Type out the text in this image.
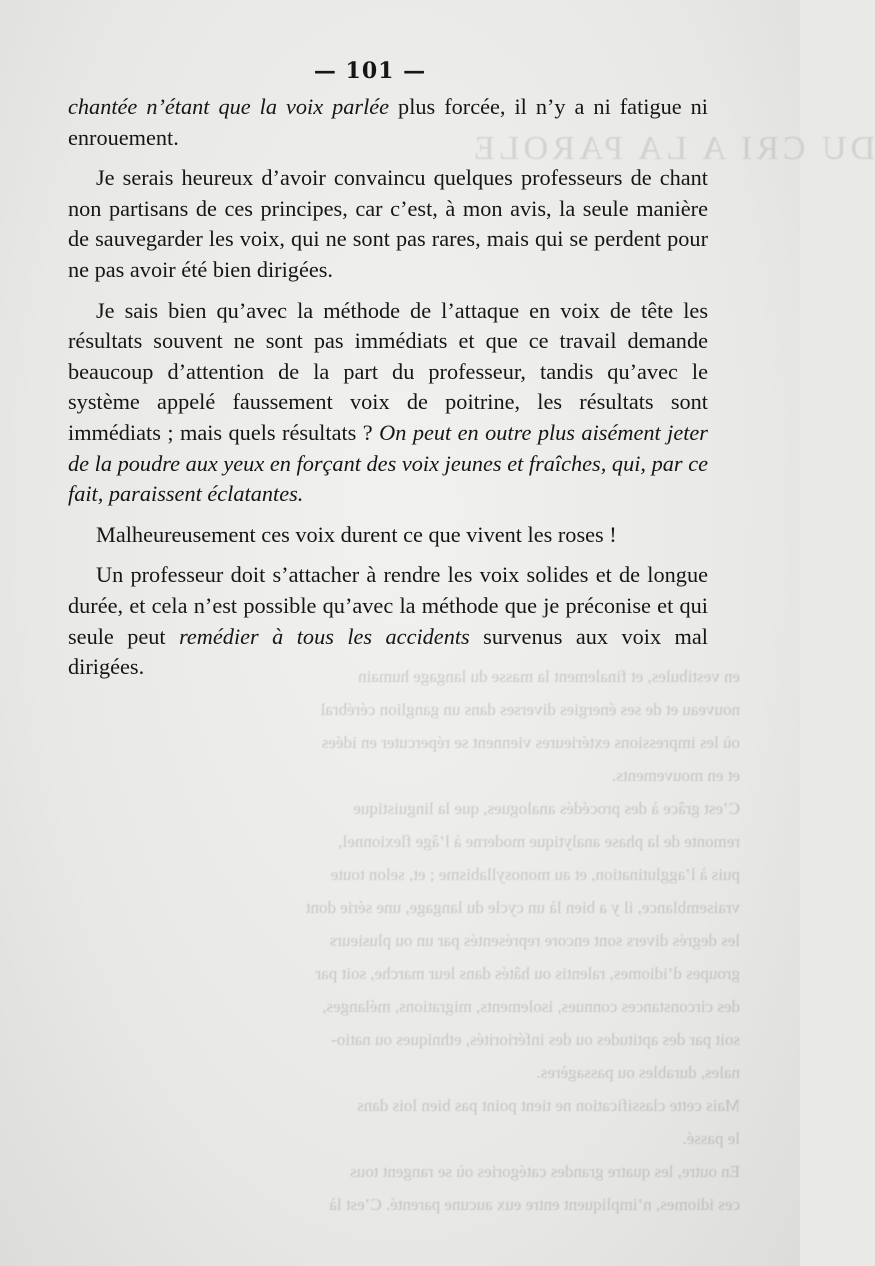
DU CRI A LA PAROLE
en vestibules, et finalement la masse du langage humain
nouveau et de ses énergies diverses dans un ganglion cérébral
où les impressions extérieures viennent se répercuter en idées
et en mouvements.
C’est grâce à des procédés analogues, que la linguistique
remonte de la phase analytique moderne à l’âge flexionnel,
puis à l’agglutination, et au monosyllabisme ; et, selon toute
vraisemblance, il y a bien là un cycle du langage, une série dont
les degrés divers sont encore représentés par un ou plusieurs
groupes d’idiomes, ralentis ou hâtés dans leur marche, soit par
des circonstances connues, isolements, migrations, mélanges,
soit par des aptitudes ou des infériorités, ethniques ou natio-
nales, durables ou passagères.
Mais cette classification ne tient point pas bien lois dans
le passé.
En outre, les quatre grandes catégories où se rangent tous
ces idiomes, n’impliquent entre eux aucune parenté. C’est là
— 101 —

chantée n’étant que la voix parlée plus forcée, il n’y a ni fatigue ni enrouement.

Je serais heureux d’avoir convaincu quelques professeurs de chant non partisans de ces principes, car c’est, à mon avis, la seule manière de sauvegarder les voix, qui ne sont pas rares, mais qui se perdent pour ne pas avoir été bien dirigées.

Je sais bien qu’avec la méthode de l’attaque en voix de tête les résultats souvent ne sont pas immédiats et que ce travail demande beaucoup d’attention de la part du professeur, tandis qu’avec le système appelé faussement voix de poitrine, les résultats sont immédiats ; mais quels résultats ? On peut en outre plus aisément jeter de la poudre aux yeux en forçant des voix jeunes et fraîches, qui, par ce fait, paraissent éclatantes.

Malheureusement ces voix durent ce que vivent les roses !

Un professeur doit s’attacher à rendre les voix solides et de longue durée, et cela n’est possible qu’avec la méthode que je préconise et qui seule peut remédier à tous les accidents survenus aux voix mal dirigées.
